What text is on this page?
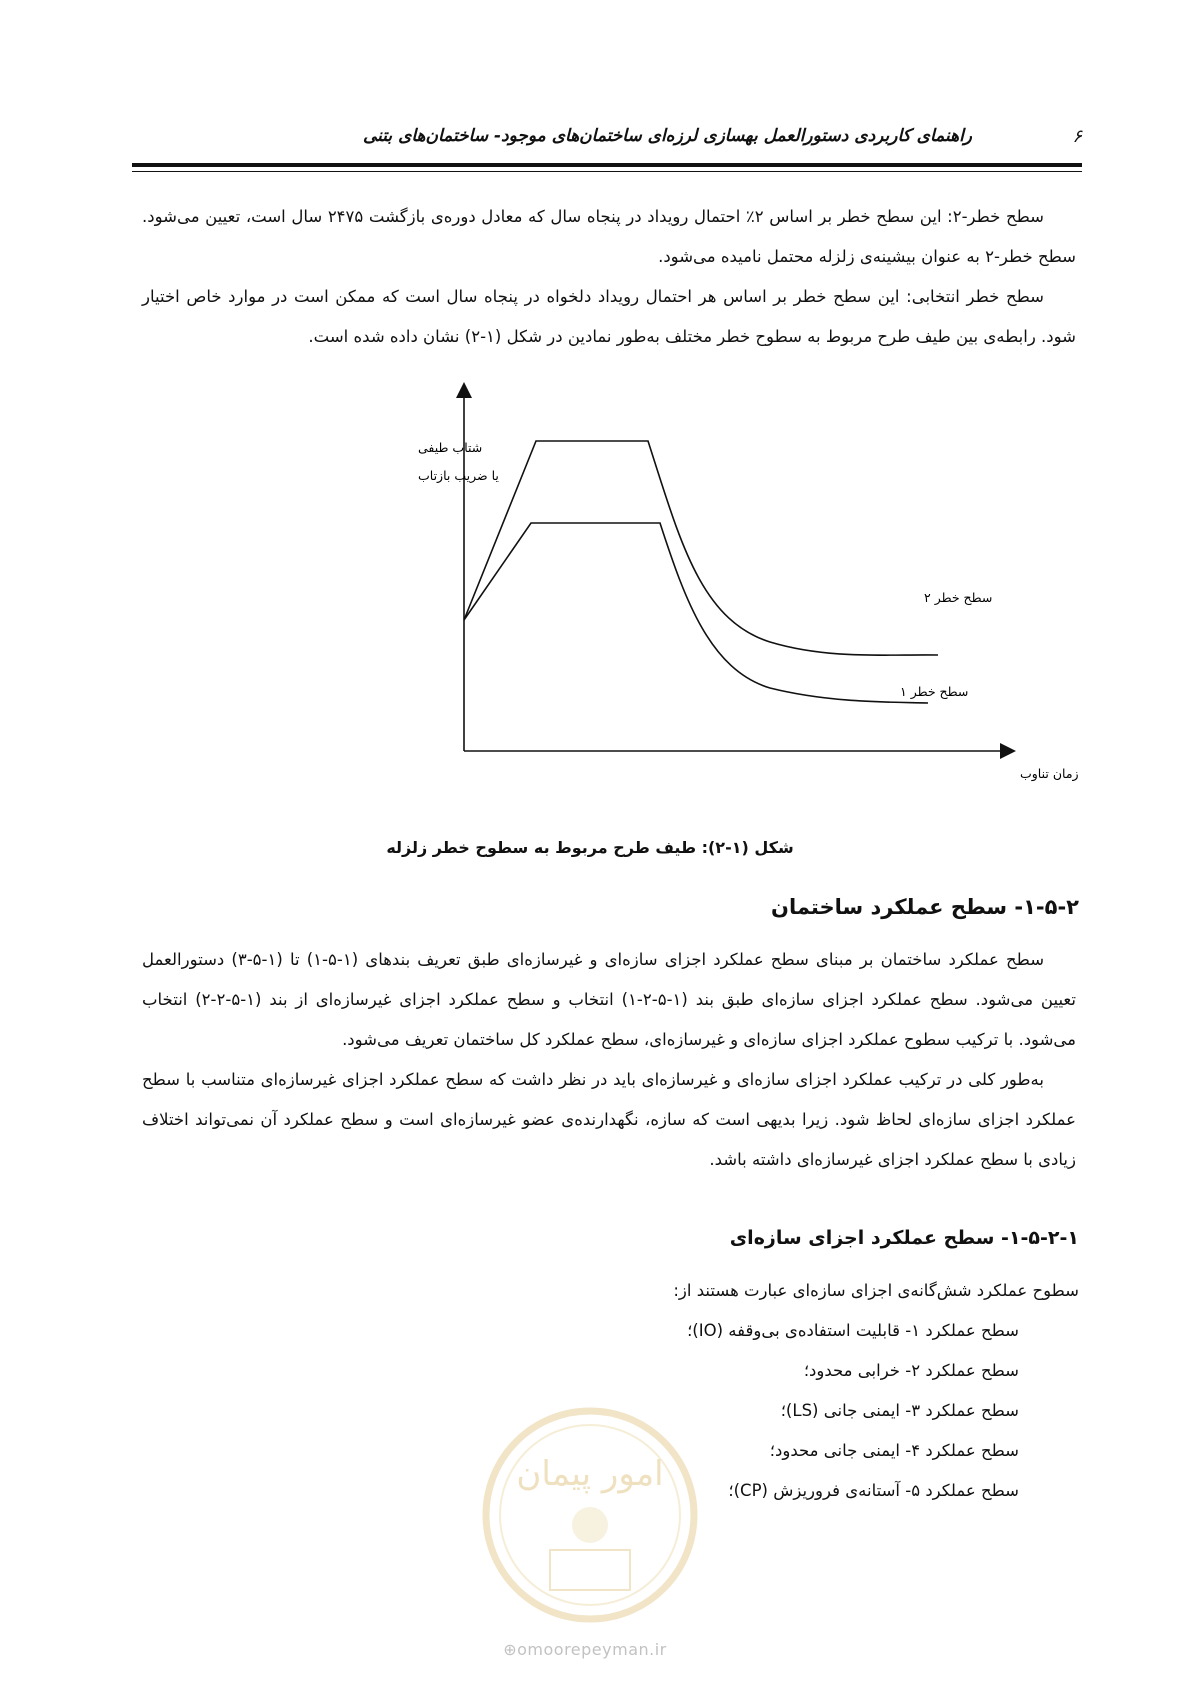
راهنمای کاربردی دستورالعمل بهسازی لرزه‌ای ساختمان‌های موجود- ساختمان‌های بتنی	۶
سطح خطر-۲: این سطح خطر بر اساس ۲٪ احتمال رویداد در پنجاه سال که معادل دوره‌ی بازگشت ۲۴۷۵ سال است، تعیین می‌شود. سطح خطر-۲ به عنوان بیشینه‌ی زلزله محتمل نامیده می‌شود.
سطح خطر انتخابی: این سطح خطر بر اساس هر احتمال رویداد دلخواه در پنجاه سال است که ممکن است در موارد خاص اختیار شود. رابطه‌ی بین طیف طرح مربوط به سطوح خطر مختلف به‌طور نمادین در شکل (۱-۲) نشان داده شده است.
شتاب طیفی
یا ضریب بازتاب
سطح خطر ۲
سطح خطر ۱
زمان تناوب
شکل (۱-۲): طیف طرح مربوط به سطوح خطر زلزله
۱-۵-۲- سطح عملکرد ساختمان
سطح عملکرد ساختمان بر مبنای سطح عملکرد اجزای سازه‌ای و غیرسازه‌ای طبق تعریف بندهای (۱-۵-۱) تا (۱-۵-۳) دستورالعمل تعیین می‌شود. سطح عملکرد اجزای سازه‌ای طبق بند (۱-۵-۲-۱) انتخاب و سطح عملکرد اجزای غیرسازه‌ای از بند (۱-۵-۲-۲) انتخاب می‌شود. با ترکیب سطوح عملکرد اجزای سازه‌ای و غیرسازه‌ای، سطح عملکرد کل ساختمان تعریف می‌شود.
به‌طور کلی در ترکیب عملکرد اجزای سازه‌ای و غیرسازه‌ای باید در نظر داشت که سطح عملکرد اجزای غیرسازه‌ای متناسب با سطح عملکرد اجزای سازه‌ای لحاظ شود. زیرا بدیهی است که سازه، نگهدارنده‌ی عضو غیرسازه‌ای است و سطح عملکرد آن نمی‌تواند اختلاف زیادی با سطح عملکرد اجزای غیرسازه‌ای داشته باشد.
۱-۵-۲-۱- سطح عملکرد اجزای سازه‌ای
امور پیمان
سطوح عملکرد شش‌گانه‌ی اجزای سازه‌ای عبارت هستند از:
سطح عملکرد ۱- قابلیت استفاده‌ی بی‌وقفه (IO)؛
سطح عملکرد ۲- خرابی محدود؛
سطح عملکرد ۳- ایمنی جانی (LS)؛
سطح عملکرد ۴- ایمنی جانی محدود؛
سطح عملکرد ۵- آستانه‌ی فروریزش (CP)؛
⊕omoorepeyman.ir
